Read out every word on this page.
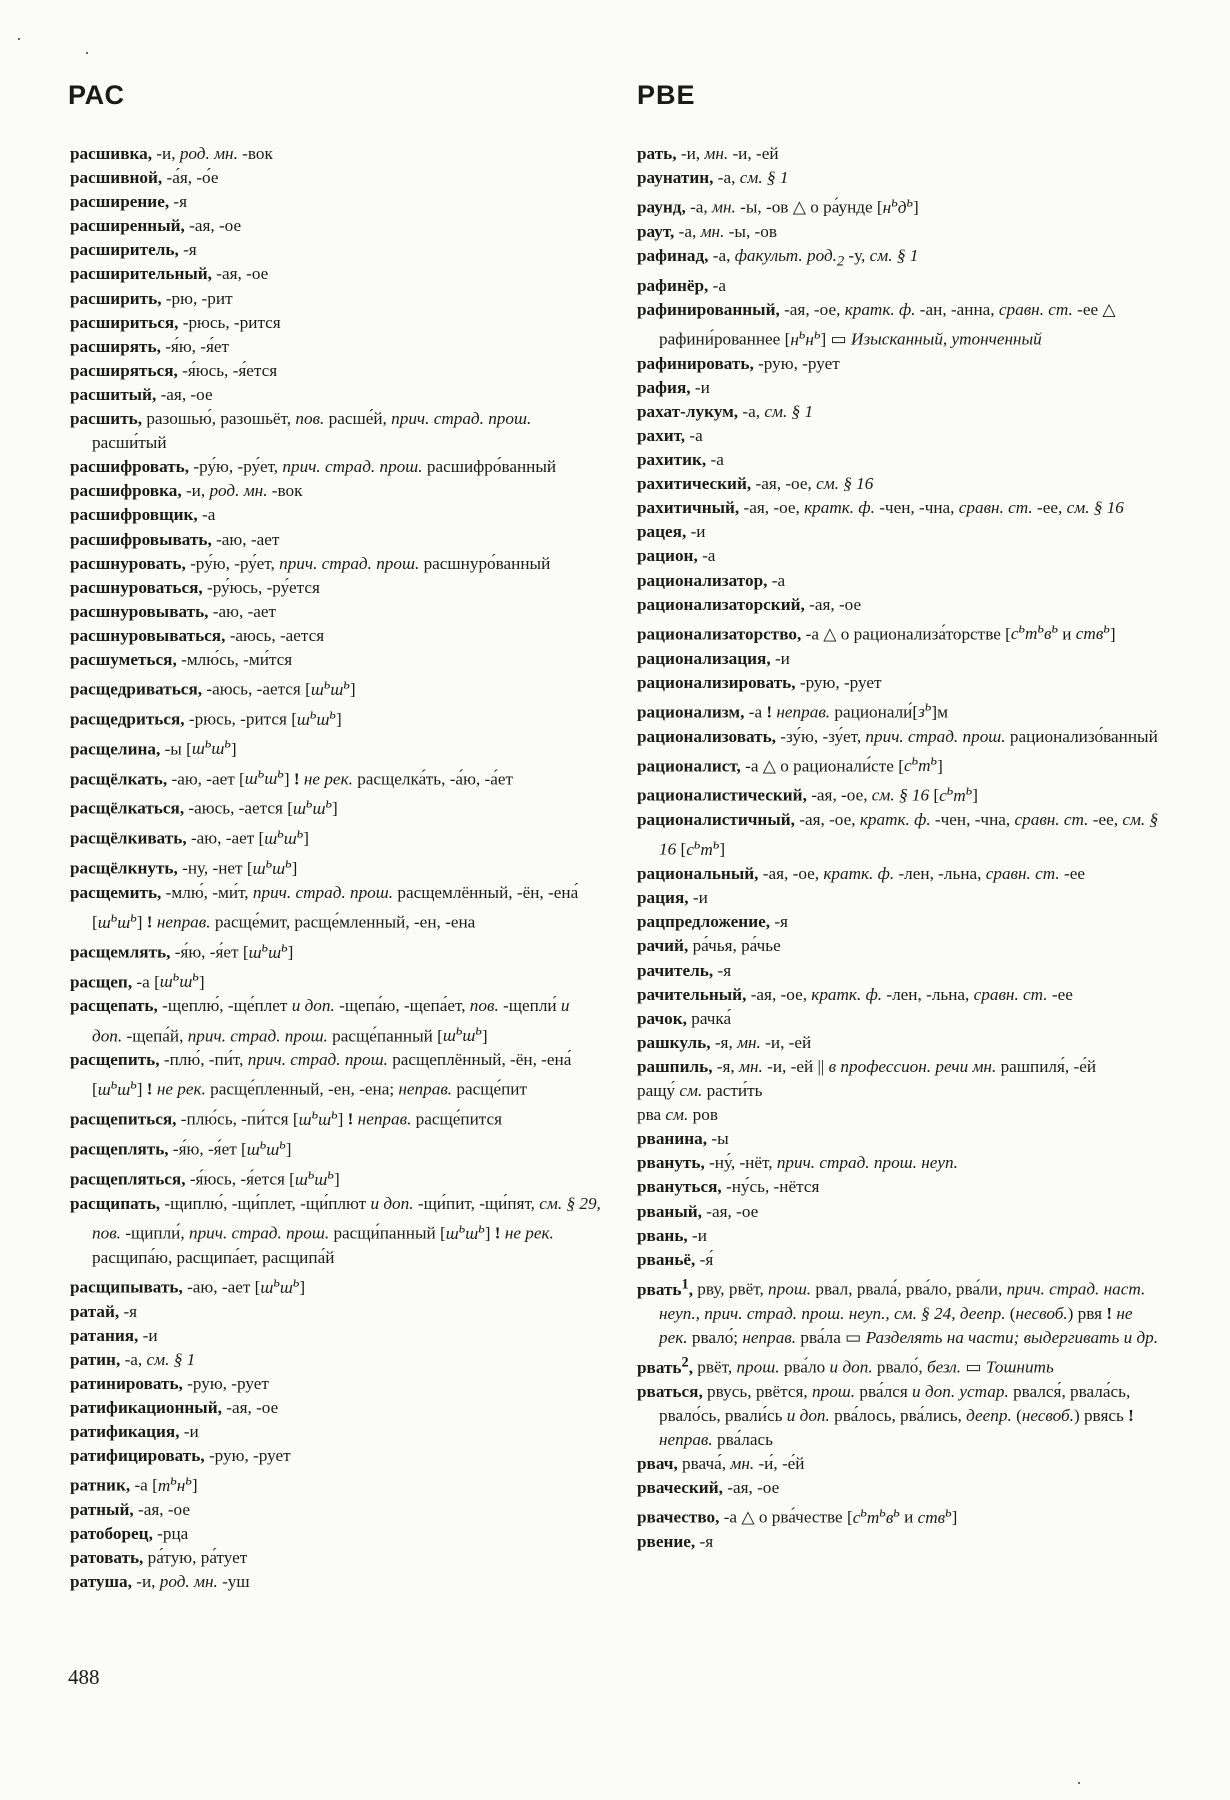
РАС	РВЕ

расшивка, -и, род. мн. -вок

расшивной, -а́я, -о́е

расширение, -я

расширенный, -ая, -ое

расширитель, -я

расширительный, -ая, -ое

расширить, -рю, -рит

расшириться, -рюсь, -рится

расширять, -я́ю, -я́ет

расширяться, -я́юсь, -я́ется

расшитый, -ая, -ое

расшить, разошью́, разошьёт, пов. расше́й, прич. страд. прош. расши́тый

расшифровать, -ру́ю, -ру́ет, прич. страд. прош. расшифро́ванный

расшифровка, -и, род. мн. -вок

расшифровщик, -а

расшифровывать, -аю, -ает

расшнуровать, -ру́ю, -ру́ет, прич. страд. прош. расшнуро́ванный

расшнуроваться, -ру́юсь, -ру́ется

расшнуровывать, -аю, -ает

расшнуровываться, -аюсь, -ается

расшуметься, -млю́сь, -ми́тся

расщедриваться, -аюсь, -ается $[ш^ьш^ь]$

расщедриться, -рюсь, -рится $[ш^ьш^ь]$

расщелина, -ы $[ш^ьш^ь]$

расщёлкать, -аю, -ает $[ш^ьш^ь]$ ! не рек. расщелка́ть, -а́ю, -а́ет

расщёлкаться, -аюсь, -ается $[ш^ьш^ь]$

расщёлкивать, -аю, -ает $[ш^ьш^ь]$

расщёлкнуть, -ну, -нет $[ш^ьш^ь]$

расщемить, -млю́, -ми́т, прич. страд. прош. расщемлённый, -ён, -ена́ $[ш^ьш^ь]$ ! неправ. расще́мит, расще́мленный, -ен, -ена

расщемлять, -я́ю, -я́ет $[ш^ьш^ь]$

расщеп, -а $[ш^ьш^ь]$

расщепать, -щеплю́, -ще́плет и доп. -щепа́ю, -щепа́ет, пов. -щепли́ и доп. -щепа́й, прич. страд. прош. расще́панный $[ш^ьш^ь]$

расщепить, -плю́, -пи́т, прич. страд. прош. расщеплённый, -ён, -ена́ $[ш^ьш^ь]$ ! не рек. расще́пленный, -ен, -ена; неправ. расще́пит

расщепиться, -плю́сь, -пи́тся $[ш^ьш^ь]$ ! неправ. расще́пится

расщеплять, -я́ю, -я́ет $[ш^ьш^ь]$

расщепляться, -я́юсь, -я́ется $[ш^ьш^ь]$

расщипать, -щиплю́, -щи́плет, -щи́плют и доп. -щи́пит, -щи́пят, см. § 29, пов. -щипли́, прич. страд. прош. расщи́панный $[ш^ьш^ь]$ ! не рек. расщипа́ю, расщипа́ет, расщипа́й

расщипывать, -аю, -ает $[ш^ьш^ь]$

ратай, -я

ратания, -и

ратин, -а, см. § 1

ратинировать, -рую, -рует

ратификационный, -ая, -ое

ратификация, -и

ратифицировать, -рую, -рует

ратник, -а $[m^ьн^ь]$

ратный, -ая, -ое

ратоборец, -рца

ратовать, ра́тую, ра́тует

ратуша, -и, род. мн. -уш

рать, -и, мн. -и, -ей

раунатин, -а, см. § 1

раунд, -а, мн. -ы, -ов △ о ра́унде $[н^ьд^ь]$

раут, -а, мн. -ы, -ов

рафинад, -а, факульт. $род._2$ -у, см. § 1

рафинёр, -а

рафинированный, -ая, -ое, кратк. ф. -ан, -анна, сравн. ст. -ее △ рафини́рованнее $[н^ьн^ь]$ ▭ Изысканный, утонченный

рафинировать, -рую, -рует

рафия, -и

рахат-лукум, -а, см. § 1

рахит, -а

рахитик, -а

рахитический, -ая, -ое, см. § 16

рахитичный, -ая, -ое, кратк. ф. -чен, -чна, сравн. ст. -ее, см. § 16

рацея, -и

рацион, -а

рационализатор, -а

рационализаторский, -ая, -ое

рационализаторство, -а △ о рационализа́торстве [$с^ьт^ьв^ь$ и ств$^ь$]

рационализация, -и

рационализировать, -рую, -рует

рационализм, -а ! неправ. $рационали́[з^ь]м$

рационализовать, -зу́ю, -зу́ет, прич. страд. прош. рационализо́ванный

рационалист, -а △ о рационали́сте $[с^ьт^ь]$

рационалистический, -ая, -ое, см. § 16 $[с^ьт^ь]$

рационалистичный, -ая, -ое, кратк. ф. -чен, -чна, сравн. ст. -ее, см. § 16 $[с^ьт^ь]$

рациональный, -ая, -ое, кратк. ф. -лен, -льна, сравн. ст. -ее

рация, -и

рацпредложение, -я

рачий, ра́чья, ра́чье

рачитель, -я

рачительный, -ая, -ое, кратк. ф. -лен, -льна, сравн. ст. -ее

рачок, рачка́

рашкуль, -я, мн. -и, -ей

рашпиль, -я, мн. -и, -ей || в профессион. речи мн. рашпиля́, -е́й

ращу́ см. расти́ть

рва см. ров

рванина, -ы

рвануть, -ну́, -нёт, прич. страд. прош. неуп.

рвануться, -ну́сь, -нётся

рваный, -ая, -ое

рвань, -и

рваньё, -я́

рвать$^1$, рву, рвёт, прош. рвал, рвала́, рва́ло, рва́ли, прич. страд. наст. неуп., прич. страд. прош. неуп., см. § 24, деепр. (несвоб.) рвя ! не рек. рвало́; неправ. рва́ла ▭ Разделять на части; выдергивать и др.

рвать$^2$, рвёт, прош. рва́ло и доп. рвало́, безл. ▭ Тошнить

рваться, рвусь, рвётся, прош. рва́лся и доп. устар. рвался́, рвала́сь, рвало́сь, рвали́сь и доп. рва́лось, рва́лись, деепр. (несвоб.) рвясь ! неправ. рва́лась

рвач, рвача́, мн. -и́, -е́й

рваческий, -ая, -ое

рвачество, -а △ о рва́честве [$с^ьт^ьв^ь$ и ств$^ь$]

рвение, -я

488
